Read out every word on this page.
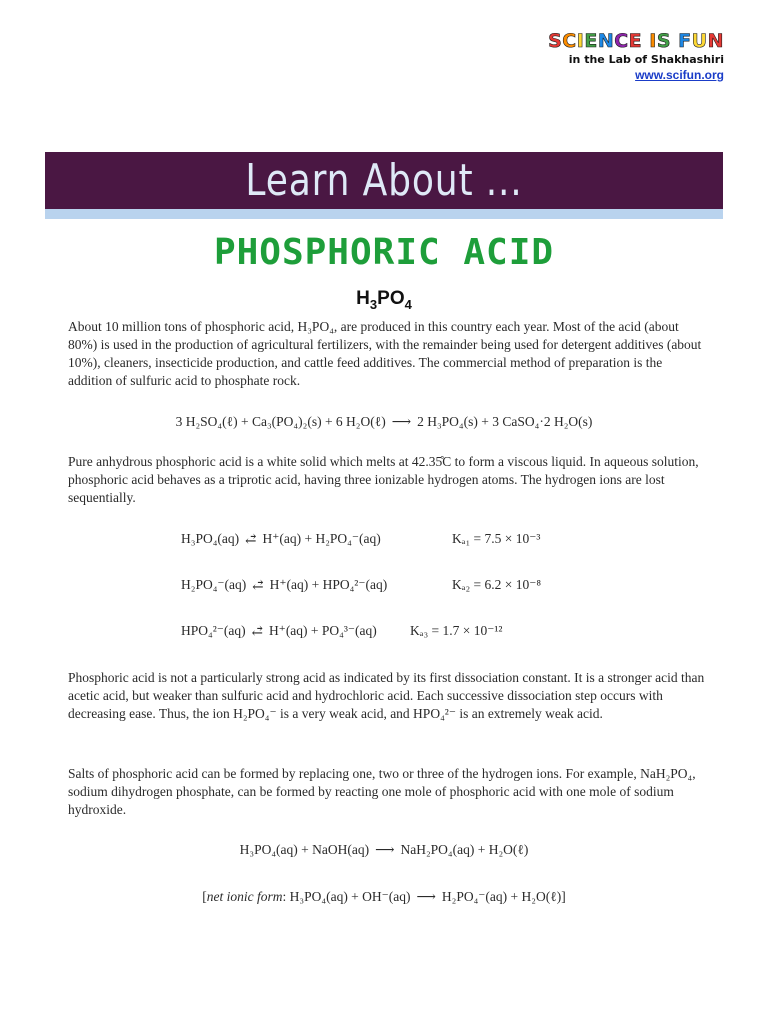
SCIENCE IS FUN
in the Lab of Shakhashiri
www.scifun.org
Learn About ...
PHOSPHORIC ACID
$H_3PO_4$
About 10 million tons of phosphoric acid, H₃PO₄, are produced in this country each year. Most of the acid (about 80%) is used in the production of agricultural fertilizers, with the remainder being used for detergent additives (about 10%), cleaners, insecticide production, and cattle feed additives. The commercial method of preparation is the addition of sulfuric acid to phosphate rock.
3 H₂SO₄(ℓ) + Ca₃(PO₄)₂(s) + 6 H₂O(ℓ) ⟶ 2 H₃PO₄(s) + 3 CaSO₄·2 H₂O(s)
Pure anhydrous phosphoric acid is a white solid which melts at 42.35̊C to form a viscous liquid. In aqueous solution, phosphoric acid behaves as a triprotic acid, having three ionizable hydrogen atoms. The hydrogen ions are lost sequentially.
H₃PO₄(aq) ⥄ H⁺(aq) + H₂PO₄⁻(aq)	Kₐ₁ = 7.5 × 10⁻³
H₂PO₄⁻(aq) ⥄ H⁺(aq) + HPO₄²⁻(aq)	Kₐ₂ = 6.2 × 10⁻⁸
HPO₄²⁻(aq) ⥄ H⁺(aq) + PO₄³⁻(aq) Kₐ₃ = 1.7 × 10⁻¹²
Phosphoric acid is not a particularly strong acid as indicated by its first dissociation constant. It is a stronger acid than acetic acid, but weaker than sulfuric acid and hydrochloric acid. Each successive dissociation step occurs with decreasing ease. Thus, the ion H₂PO₄⁻ is a very weak acid, and HPO₄²⁻ is an extremely weak acid.
Salts of phosphoric acid can be formed by replacing one, two or three of the hydrogen ions. For example, NaH₂PO₄, sodium dihydrogen phosphate, can be formed by reacting one mole of phosphoric acid with one mole of sodium hydroxide.
H₃PO₄(aq) + NaOH(aq) ⟶ NaH₂PO₄(aq) + H₂O(ℓ)
[net ionic form: H₃PO₄(aq) + OH⁻(aq) ⟶ H₂PO₄⁻(aq) + H₂O(ℓ)]
